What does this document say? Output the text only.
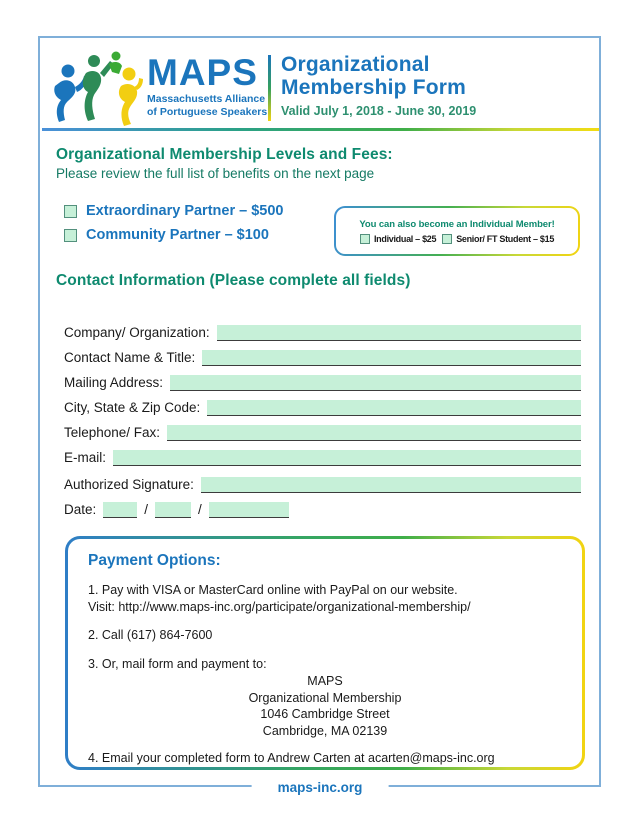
MAPS
Massachusetts Alliance
of Portuguese Speakers
Organizational
Membership Form
Valid July 1, 2018 - June 30, 2019
Organizational Membership Levels and Fees:
Please review the full list of benefits on the next page
Extraordinary Partner – $500
Community Partner – $100
You can also become an Individual Member!
Individual – $25 Senior/ FT Student – $15
Contact Information (Please complete all fields)
Company/ Organization:
Contact Name & Title:
Mailing Address:
City, State & Zip Code:
Telephone/ Fax:
E-mail:
Authorized Signature:
Date:	/	/
Payment Options:
1. Pay with VISA or MasterCard online with PayPal on our website.
Visit: http://www.maps-inc.org/participate/organizational-membership/
2. Call (617) 864-7600
3. Or, mail form and payment to:
MAPS
Organizational Membership
1046 Cambridge Street
Cambridge, MA 02139
4. Email your completed form to Andrew Carten at acarten@maps-inc.org
maps-inc.org
